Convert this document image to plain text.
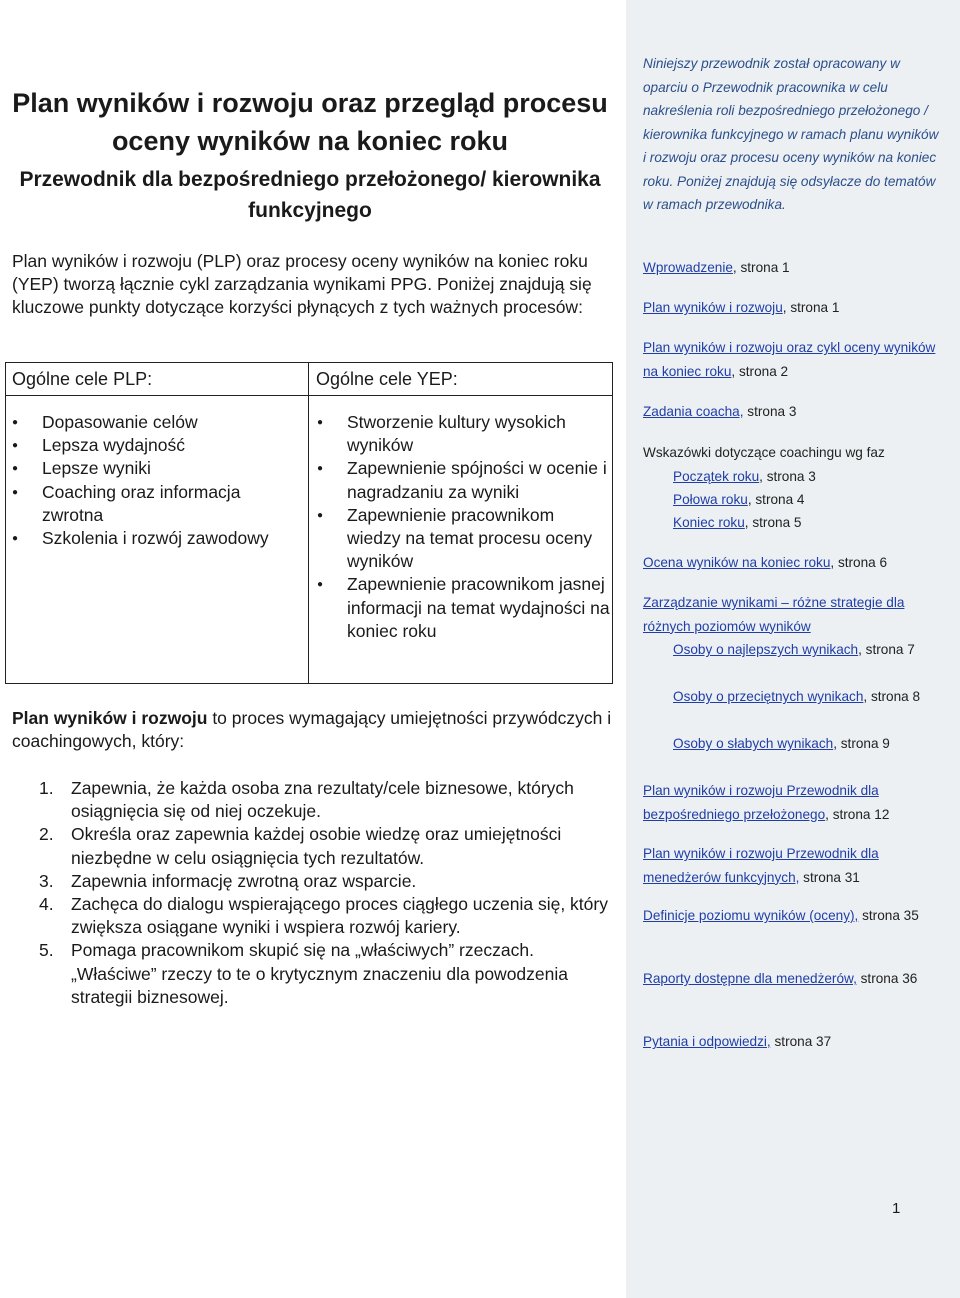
Plan wyników i rozwoju oraz przegląd procesu oceny wyników na koniec roku
Przewodnik dla bezpośredniego przełożonego/ kierownika funkcyjnego
Plan wyników i rozwoju (PLP) oraz procesy oceny wyników na koniec roku (YEP) tworzą łącznie cykl zarządzania wynikami PPG. Poniżej znajdują się kluczowe punkty dotyczące korzyści płynących z tych ważnych procesów:
Ogólne cele PLP:	Ogólne cele YEP:
● Dopasowanie celów
● Lepsza wydajność
● Lepsze wyniki
● Coaching oraz informacja zwrotna
● Szkolenia i rozwój zawodowy
● Stworzenie kultury wysokich wyników
● Zapewnienie spójności w ocenie i nagradzaniu za wyniki
● Zapewnienie pracownikom wiedzy na temat procesu oceny wyników
● Zapewnienie pracownikom jasnej informacji na temat wydajności na koniec roku
Plan wyników i rozwoju to proces wymagający umiejętności przywódczych i coachingowych, który:
1. Zapewnia, że każda osoba zna rezultaty/cele biznesowe, których osiągnięcia się od niej oczekuje.
2. Określa oraz zapewnia każdej osobie wiedzę oraz umiejętności niezbędne w celu osiągnięcia tych rezultatów.
3. Zapewnia informację zwrotną oraz wsparcie.
4. Zachęca do dialogu wspierającego proces ciągłego uczenia się, który zwiększa osiągane wyniki i wspiera rozwój kariery.
5. Pomaga pracownikom skupić się na „właściwych” rzeczach. „Właściwe” rzeczy to te o krytycznym znaczeniu dla powodzenia strategii biznesowej.
Niniejszy przewodnik został opracowany w oparciu o Przewodnik pracownika w celu nakreślenia roli bezpośredniego przełożonego / kierownika funkcyjnego w ramach planu wyników i rozwoju oraz procesu oceny wyników na koniec roku. Poniżej znajdują się odsyłacze do tematów w ramach przewodnika.
Wprowadzenie, strona 1
Plan wyników i rozwoju, strona 1
Plan wyników i rozwoju oraz cykl oceny wyników na koniec roku, strona 2
Zadania coacha, strona 3
Wskazówki dotyczące coachingu wg faz
Początek roku, strona 3
Połowa roku, strona 4
Koniec roku, strona 5
Ocena wyników na koniec roku, strona 6
Zarządzanie wynikami – różne strategie dla różnych poziomów wyników
Osoby o najlepszych wynikach, strona 7
Osoby o przeciętnych wynikach, strona 8
Osoby o słabych wynikach, strona 9
Plan wyników i rozwoju Przewodnik dla bezpośredniego przełożonego, strona 12
Plan wyników i rozwoju Przewodnik dla menedżerów funkcyjnych, strona 31
Definicje poziomu wyników (oceny), strona 35
Raporty dostępne dla menedżerów, strona 36
Pytania i odpowiedzi, strona 37
1
